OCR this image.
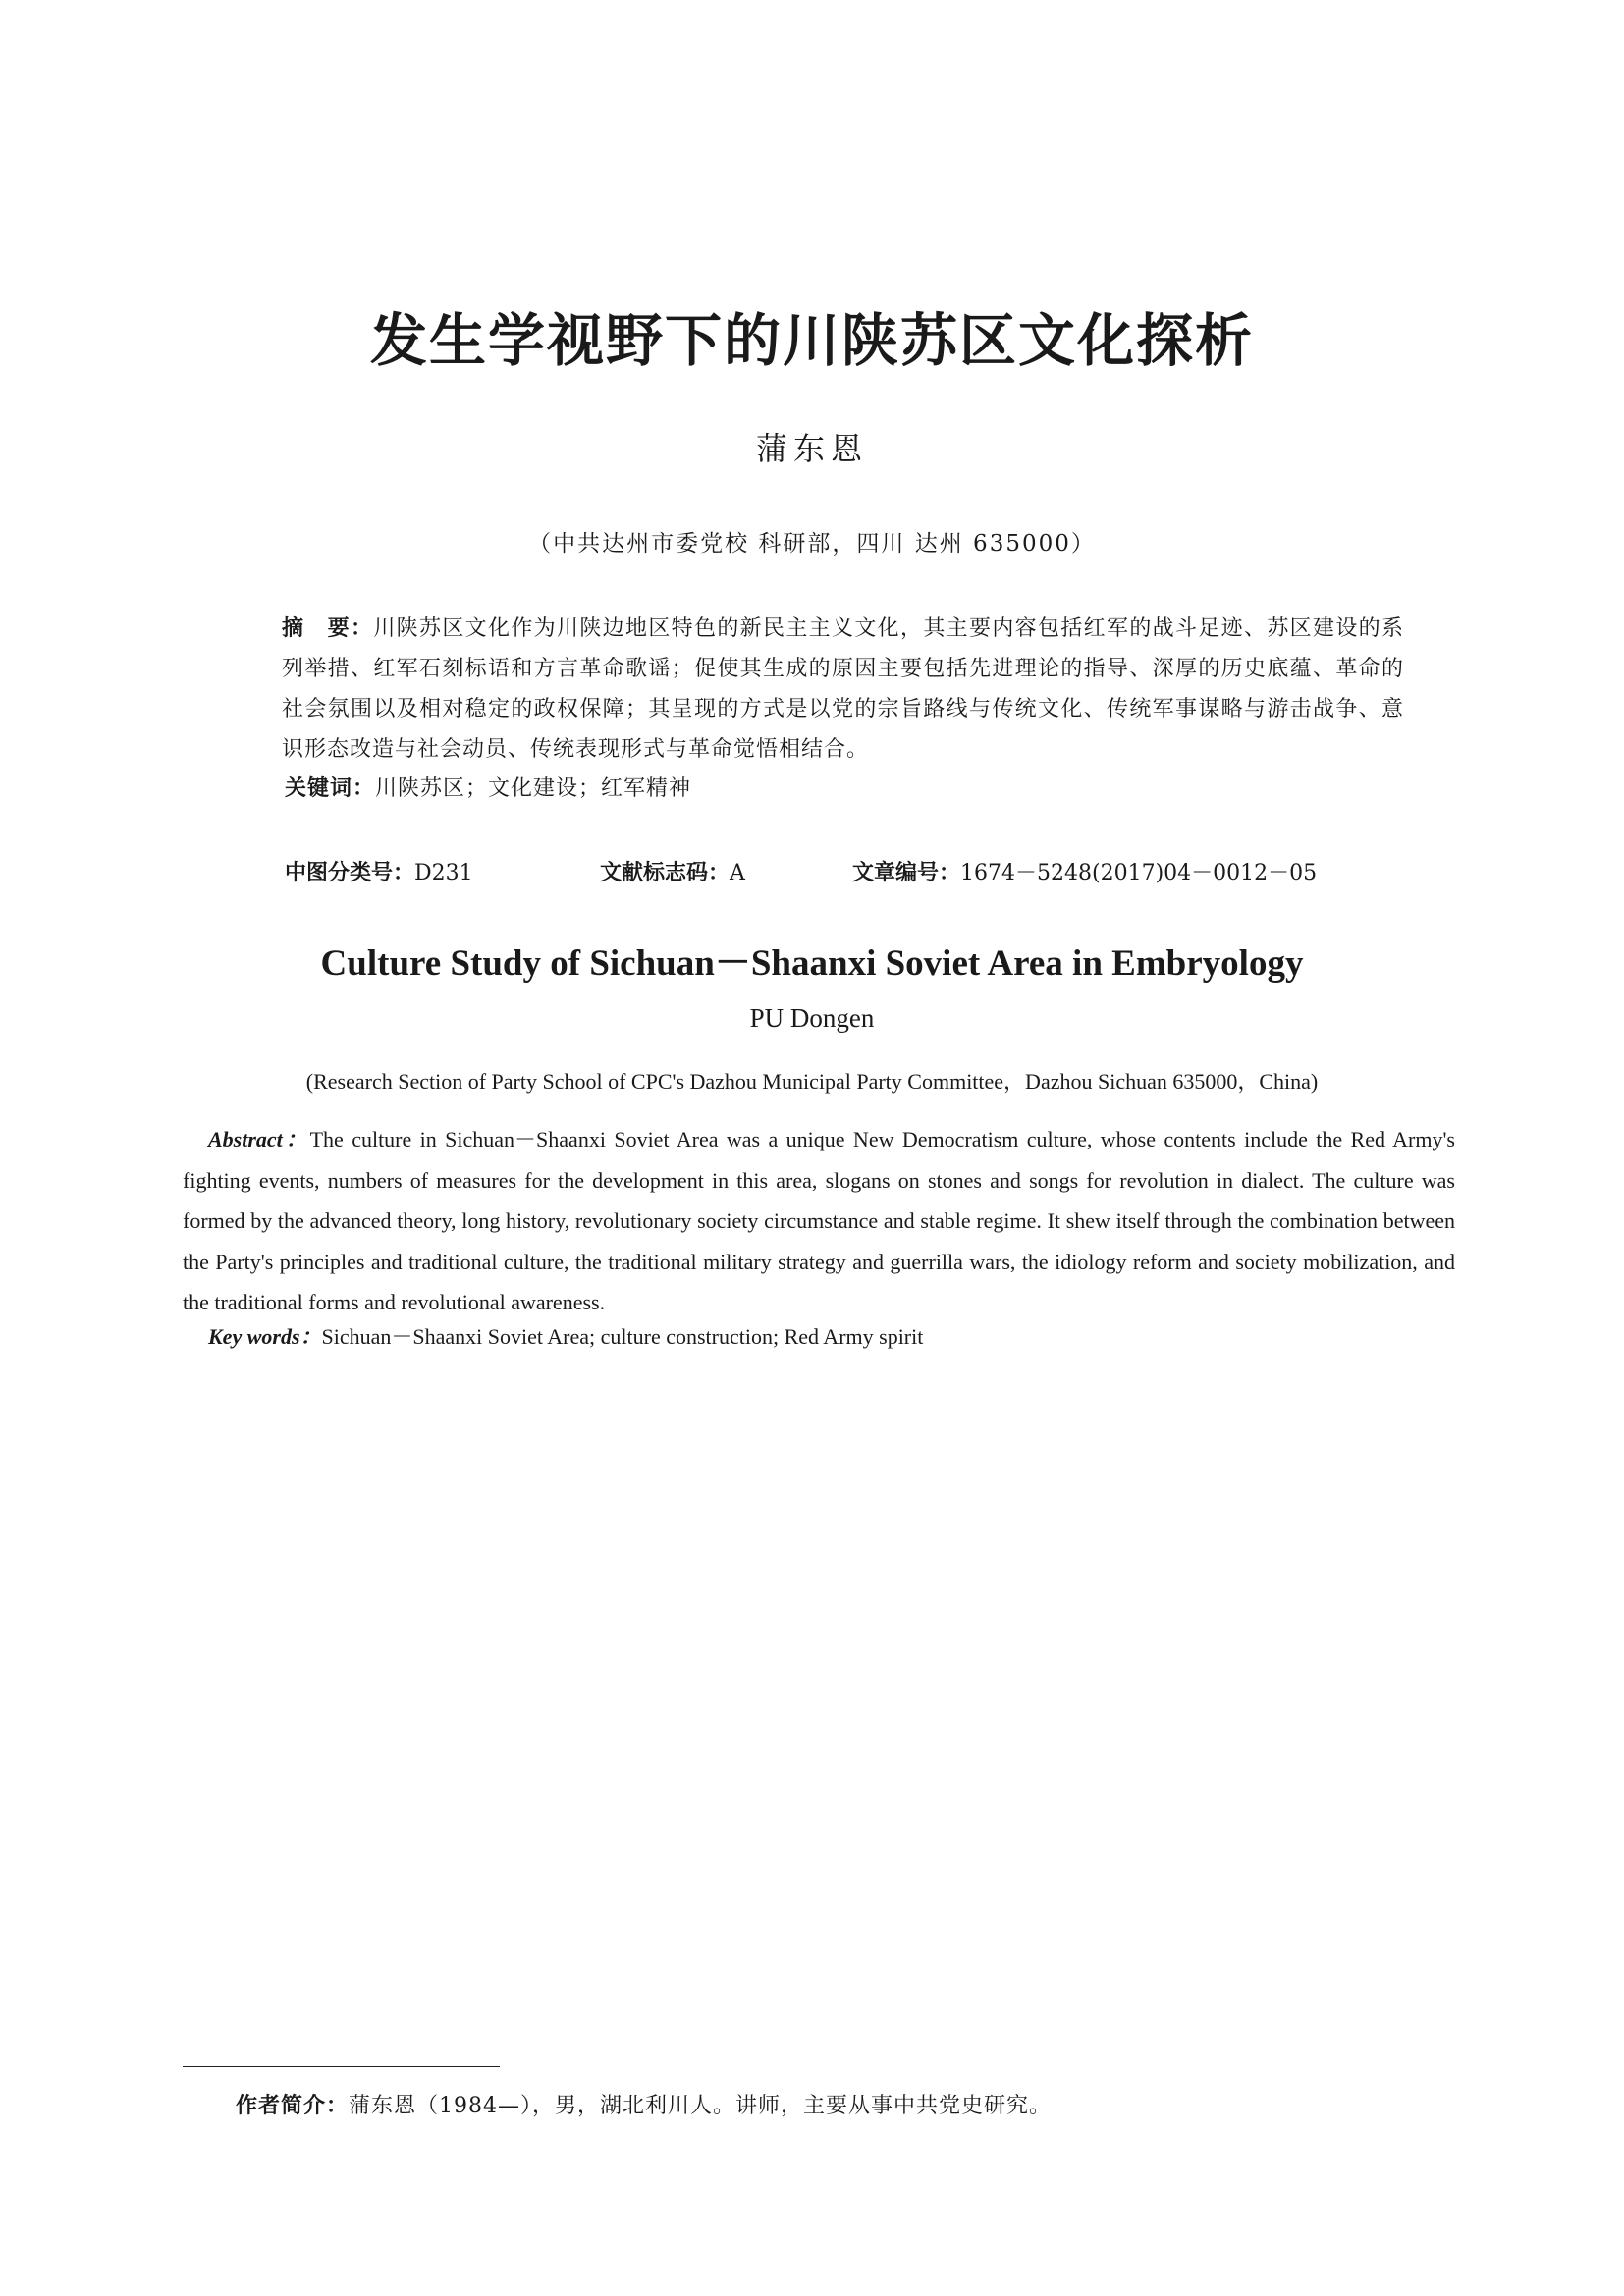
发生学视野下的川陕苏区文化探析
蒲东恩
（中共达州市委党校 科研部，四川 达州 635000）
摘　要：川陕苏区文化作为川陕边地区特色的新民主主义文化，其主要内容包括红军的战斗足迹、苏区建设的系列举措、红军石刻标语和方言革命歌谣；促使其生成的原因主要包括先进理论的指导、深厚的历史底蕴、革命的社会氛围以及相对稳定的政权保障；其呈现的方式是以党的宗旨路线与传统文化、传统军事谋略与游击战争、意识形态改造与社会动员、传统表现形式与革命觉悟相结合。
关键词：川陕苏区；文化建设；红军精神
中图分类号：D231	文献标志码：A	文章编号：1674－5248(2017)04－0012－05
Culture Study of Sichuan－Shaanxi Soviet Area in Embryology
PU Dongen
(Research Section of Party School of CPC's Dazhou Municipal Party Committee，Dazhou Sichuan 635000，China)
Abstract：The culture in Sichuan－Shaanxi Soviet Area was a unique New Democratism culture, whose contents include the Red Army's fighting events, numbers of measures for the development in this area, slogans on stones and songs for revolution in dialect. The culture was formed by the advanced theory, long history, revolutionary society circumstance and stable regime. It shew itself through the combination between the Party's principles and traditional culture, the traditional military strategy and guerrilla wars, the idiology reform and society mobilization, and the traditional forms and revolutional awareness.
Key words：Sichuan－Shaanxi Soviet Area; culture construction; Red Army spirit
作者简介：蒲东恩（1984—），男，湖北利川人。讲师，主要从事中共党史研究。
